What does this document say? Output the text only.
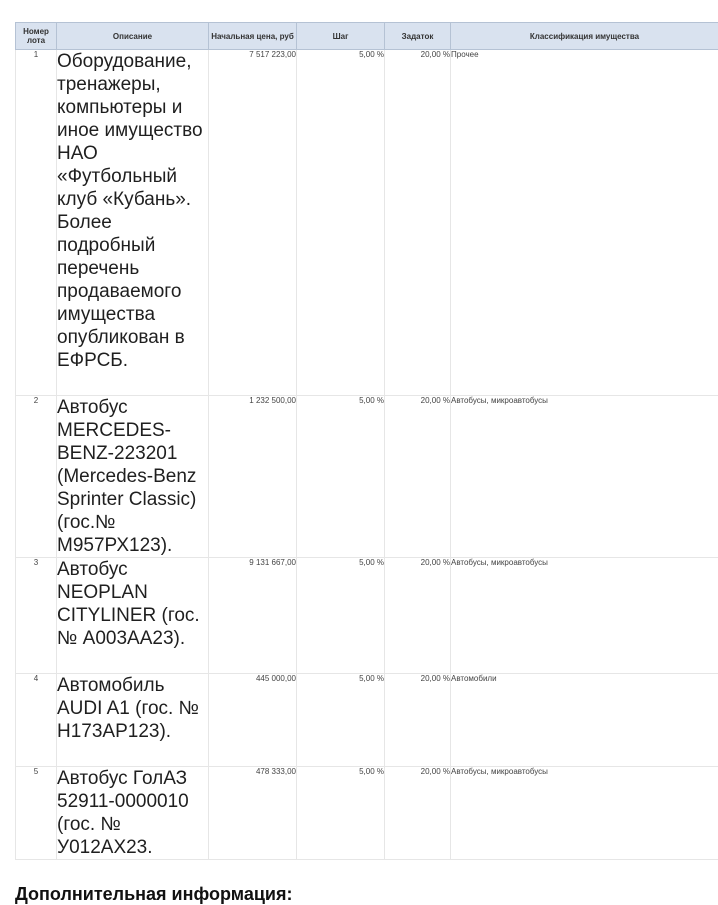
Номер лота	Описание	Начальная цена, руб	Шаг	Задаток	Классификация имущества
1	Оборудование, тренажеры, компьютеры и иное имущество НАО «Футбольный клуб «Кубань». Более подробный перечень продаваемого имущества опубликован в ЕФРСБ.	7 517 223,00	5,00 %	20,00 %	Прочее
2	Автобус MERCEDES-BENZ-223201 (Mercedes-Benz Sprinter Classic) (гос.№ М957РХ123).	1 232 500,00	5,00 %	20,00 %	Автобусы, микроавтобусы
3	Автобус NEOPLAN CITYLINER (гос.№ А003АА23).	9 131 667,00	5,00 %	20,00 %	Автобусы, микроавтобусы
4	Автомобиль AUDI A1 (гос. № Н173АР123).	445 000,00	5,00 %	20,00 %	Автомобили
5	Автобус ГолАЗ 52911-0000010 (гос. № У012АХ23.	478 333,00	5,00 %	20,00 %	Автобусы, микроавтобусы
Дополнительная информация:
